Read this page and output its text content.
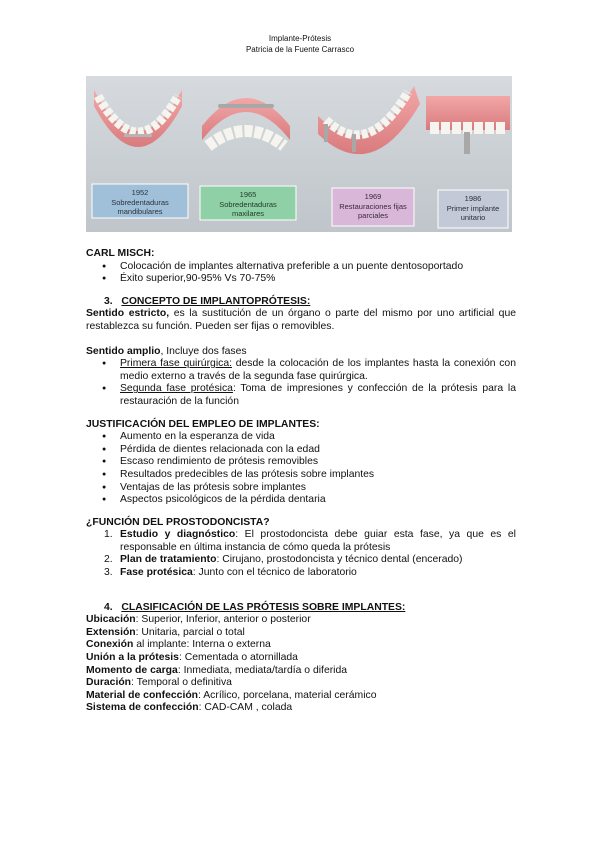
Implante-Prótesis
Patricia de la Fuente Carrasco
1952
Sobredentaduras
mandibulares
1965
Sobredentaduras
maxilares
1969
Restauraciones fijas
parciales
1986
Primer implante
unitario

CARL MISCH:

● Colocación de implantes alternativa preferible a un puente dentosoportado
● Éxito superior,90-95% Vs 70-75%

3. CONCEPTO DE IMPLANTOPRÓTESIS:

Sentido estricto, es la sustitución de un órgano o parte del mismo por uno artificial que restablezca su función. Pueden ser fijas o removibles.

Sentido amplio, Incluye dos fases

● Primera fase quirúrgica: desde la colocación de los implantes hasta la conexión con medio externo a través de la segunda fase quirúrgica.
● Segunda fase protésica: Toma de impresiones y confección de la prótesis para la restauración de la función

JUSTIFICACIÓN DEL EMPLEO DE IMPLANTES:

● Aumento en la esperanza de vida
● Pérdida de dientes relacionada con la edad
● Escaso rendimiento de prótesis removibles
● Resultados predecibles de las prótesis sobre implantes
● Ventajas de las prótesis sobre implantes
● Aspectos psicológicos de la pérdida dentaria

¿FUNCIÓN DEL PROSTODONCISTA?

1. Estudio y diagnóstico: El prostodoncista debe guiar esta fase, ya que es el responsable en última instancia de cómo queda la prótesis
2. Plan de tratamiento: Cirujano, prostodoncista y técnico dental (encerado)
3. Fase protésica: Junto con el técnico de laboratorio

4. CLASIFICACIÓN DE LAS PRÓTESIS SOBRE IMPLANTES:

Ubicación: Superior, Inferior, anterior o posterior

Extensión: Unitaria, parcial o total

Conexión al implante: Interna o externa

Unión a la prótesis: Cementada o atornillada

Momento de carga: Inmediata, mediata/tardía o diferida

Duración: Temporal o definitiva

Material de confección: Acrílico, porcelana, material cerámico

Sistema de confección: CAD-CAM , colada
